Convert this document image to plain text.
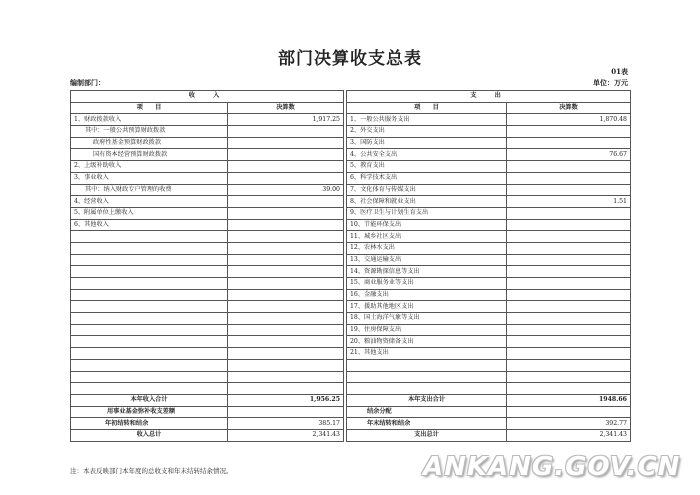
部门决算收支总表
01表
编制部门：	单位：万元
收　入			支　出	
项　　目	决算数		项　　目	决算数
1、财政拨款收入	1,917.25		1、一般公共服务支出	1,870.48
其中：一般公共预算财政拨款			2、外交支出	
政府性基金预算财政拨款			3、国防支出	
国有资本经营预算财政拨款			4、公共安全支出	76.67
2、上级补助收入			5、教育支出	
3、事业收入			6、科学技术支出	
其中：纳入财政专户管理的收费	39.00		7、文化体育与传媒支出	
4、经营收入			8、社会保障和就业支出	1.51
5、附属单位上缴收入			9、医疗卫生与计划生育支出	
6、其他收入			10、节能环保支出	
			11、城乡社区支出	
			12、农林水支出	
			13、交通运输支出	
			14、资源勘探信息等支出	
			15、商业服务业等支出	
			16、金融支出	
			17、援助其他地区支出	
			18、国土海洋气象等支出	
			19、住房保障支出	
			20、粮油物资储备支出	
			21、其他支出	

本年收入合计	1,956.25		本年支出合计	1948.66
用事业基金弥补收支差额			结余分配	
年初结转和结余	385.17		年末结转和结余	392.77
收入总计	2,341.43		支出总计	2,341.43
注：本表反映部门本年度的总收支和年末结转结余情况。	ANKANG.GOV.CN
